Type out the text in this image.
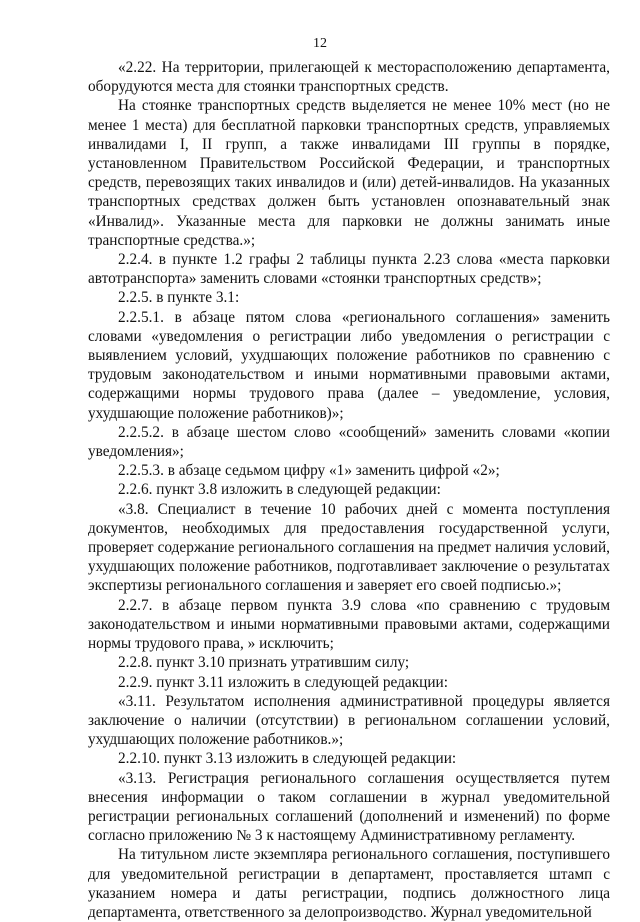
12

«2.22. На территории, прилегающей к месторасположению департамента, оборудуются места для стоянки транспортных средств.

На стоянке транспортных средств выделяется не менее 10% мест (но не менее 1 места) для бесплатной парковки транспортных средств, управляемых инвалидами I, II групп, а также инвалидами III группы в порядке, установленном Правительством Российской Федерации, и транспортных средств, перевозящих таких инвалидов и (или) детей-инвалидов. На указанных транспортных средствах должен быть установлен опознавательный знак «Инвалид». Указанные места для парковки не должны занимать иные транспортные средства.»;

2.2.4. в пункте 1.2 графы 2 таблицы пункта 2.23 слова «места парковки автотранспорта» заменить словами «стоянки транспортных средств»;

2.2.5. в пункте 3.1:

2.2.5.1. в абзаце пятом слова «регионального соглашения» заменить словами «уведомления о регистрации либо уведомления о регистрации с выявлением условий, ухудшающих положение работников по сравнению с трудовым законодательством и иными нормативными правовыми актами, содержащими нормы трудового права (далее – уведомление, условия, ухудшающие положение работников)»;

2.2.5.2. в абзаце шестом слово «сообщений» заменить словами «копии уведомления»;

2.2.5.3. в абзаце седьмом цифру «1» заменить цифрой «2»;

2.2.6. пункт 3.8 изложить в следующей редакции:

«3.8. Специалист в течение 10 рабочих дней с момента поступления документов, необходимых для предоставления государственной услуги, проверяет содержание регионального соглашения на предмет наличия условий, ухудшающих положение работников, подготавливает заключение о результатах экспертизы регионального соглашения и заверяет его своей подписью.»;

2.2.7. в абзаце первом пункта 3.9 слова «по сравнению с трудовым законодательством и иными нормативными правовыми актами, содержащими нормы трудового права, » исключить;

2.2.8. пункт 3.10 признать утратившим силу;

2.2.9. пункт 3.11 изложить в следующей редакции:

«3.11. Результатом исполнения административной процедуры является заключение о наличии (отсутствии) в региональном соглашении условий, ухудшающих положение работников.»;

2.2.10. пункт 3.13 изложить в следующей редакции:

«3.13. Регистрация регионального соглашения осуществляется путем внесения информации о таком соглашении в журнал уведомительной регистрации региональных соглашений (дополнений и изменений) по форме согласно приложению № 3 к настоящему Административному регламенту.

На титульном листе экземпляра регионального соглашения, поступившего для уведомительной регистрации в департамент, проставляется штамп с указанием номера и даты регистрации, подпись должностного лица департамента, ответственного за делопроизводство. Журнал уведомительной
